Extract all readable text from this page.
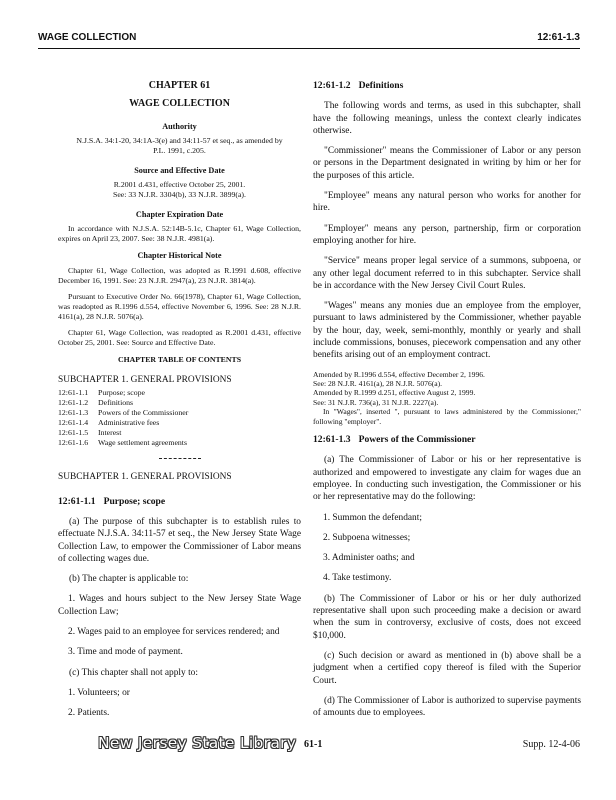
WAGE COLLECTION	12:61-1.3

CHAPTER 61

WAGE COLLECTION

Authority

N.J.S.A. 34:1-20, 34:1A-3(e) and 34:11-57 et seq., as amended by P.L. 1991, c.205.

Source and Effective Date

R.2001 d.431, effective October 25, 2001.

See: 33 N.J.R. 3304(b), 33 N.J.R. 3899(a).

Chapter Expiration Date

In accordance with N.J.S.A. 52:14B-5.1c, Chapter 61, Wage Collection, expires on April 23, 2007. See: 38 N.J.R. 4981(a).

Chapter Historical Note

Chapter 61, Wage Collection, was adopted as R.1991 d.608, effective December 16, 1991. See: 23 N.J.R. 2947(a), 23 N.J.R. 3814(a).

Pursuant to Executive Order No. 66(1978), Chapter 61, Wage Collection, was readopted as R.1996 d.554, effective November 6, 1996. See: 28 N.J.R. 4161(a), 28 N.J.R. 5076(a).

Chapter 61, Wage Collection, was readopted as R.2001 d.431, effective October 25, 2001. See: Source and Effective Date.

CHAPTER TABLE OF CONTENTS

SUBCHAPTER 1. GENERAL PROVISIONS

12:61-1.1	Purpose; scope
12:61-1.2	Definitions
12:61-1.3	Powers of the Commissioner
12:61-1.4	Administrative fees
12:61-1.5	Interest
12:61-1.6	Wage settlement agreements

SUBCHAPTER 1. GENERAL PROVISIONS

12:61-1.1 Purpose; scope

(a) The purpose of this subchapter is to establish rules to effectuate N.J.S.A. 34:11-57 et seq., the New Jersey State Wage Collection Law, to empower the Commissioner of Labor means of collecting wages due.

(b) The chapter is applicable to:

1. Wages and hours subject to the New Jersey State Wage Collection Law;

2. Wages paid to an employee for services rendered; and

3. Time and mode of payment.

(c) This chapter shall not apply to:

1. Volunteers; or

2. Patients.

12:61-1.2 Definitions

The following words and terms, as used in this subchapter, shall have the following meanings, unless the context clearly indicates otherwise.

"Commissioner" means the Commissioner of Labor or any person or persons in the Department designated in writing by him or her for the purposes of this article.

"Employee" means any natural person who works for another for hire.

"Employer" means any person, partnership, firm or corporation employing another for hire.

"Service" means proper legal service of a summons, subpoena, or any other legal document referred to in this subchapter. Service shall be in accordance with the New Jersey Civil Court Rules.

"Wages" means any monies due an employee from the employer, pursuant to laws administered by the Commissioner, whether payable by the hour, day, week, semi-monthly, monthly or yearly and shall include commissions, bonuses, piecework compensation and any other benefits arising out of an employment contract.

Amended by R.1996 d.554, effective December 2, 1996.

See: 28 N.J.R. 4161(a), 28 N.J.R. 5076(a).

Amended by R.1999 d.251, effective August 2, 1999.

See: 31 N.J.R. 736(a), 31 N.J.R. 2227(a).

In "Wages", inserted ", pursuant to laws administered by the Commissioner," following "employer".

12:61-1.3 Powers of the Commissioner

(a) The Commissioner of Labor or his or her representative is authorized and empowered to investigate any claim for wages due an employee. In conducting such investigation, the Commissioner or his or her representative may do the following:

1. Summon the defendant;

2. Subpoena witnesses;

3. Administer oaths; and

4. Take testimony.

(b) The Commissioner of Labor or his or her duly authorized representative shall upon such proceeding make a decision or award when the sum in controversy, exclusive of costs, does not exceed $10,000.

(c) Such decision or award as mentioned in (b) above shall be a judgment when a certified copy thereof is filed with the Superior Court.

(d) The Commissioner of Labor is authorized to supervise payments of amounts due to employees.

New Jersey State Library 61-1	Supp. 12-4-06
